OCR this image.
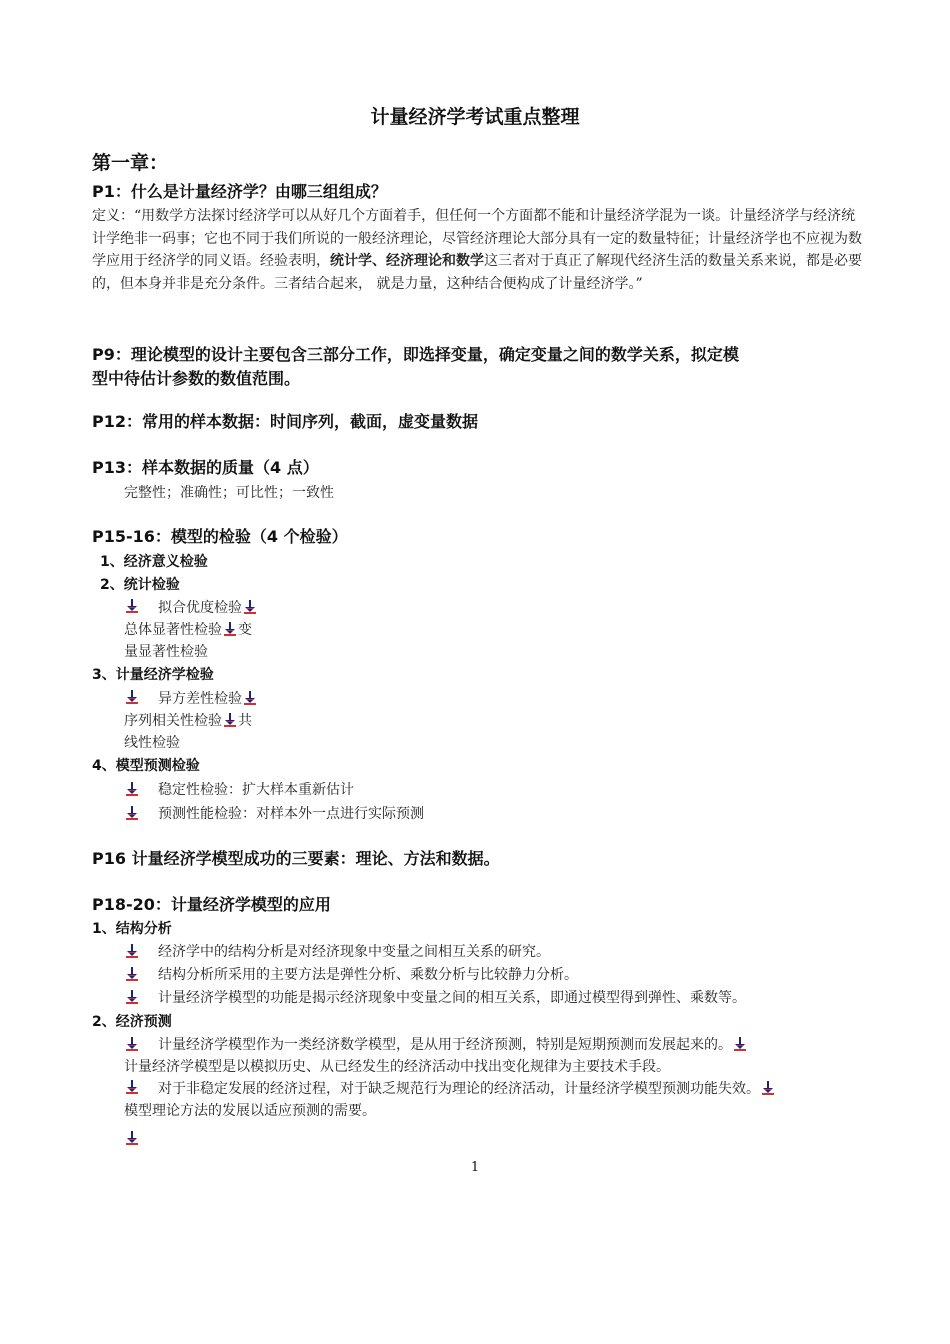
计量经济学考试重点整理
第一章：
P1：什么是计量经济学？由哪三组组成？
定义：“用数学方法探讨经济学可以从好几个方面着手，但任何一个方面都不能和计量经济学混为一谈。计量经济学与经济统计学绝非一码事；它也不同于我们所说的一般经济理论，尽管经济理论大部分具有一定的数量特征；计量经济学也不应视为数学应用于经济学的同义语。经验表明，统计学、经济理论和数学这三者对于真正了解现代经济生活的数量关系来说，都是必要的，但本身并非是充分条件。三者结合起来， 就是力量，这种结合便构成了计量经济学。”
P9：理论模型的设计主要包含三部分工作，即选择变量，确定变量之间的数学关系，拟定模
型中待估计参数的数值范围。
P12：常用的样本数据：时间序列，截面，虚变量数据
P13：样本数据的质量（4 点）
完整性；准确性；可比性；一致性
P15-16：模型的检验（4 个检验）
1、经济意义检验
2、统计检验
拟合优度检验
总体显著性检验 变
量显著性检验
3、计量经济学检验
异方差性检验
序列相关性检验 共
线性检验
4、模型预测检验
稳定性检验：扩大样本重新估计
预测性能检验：对样本外一点进行实际预测
P16 计量经济学模型成功的三要素：理论、方法和数据。
P18-20：计量经济学模型的应用
1、结构分析
经济学中的结构分析是对经济现象中变量之间相互关系的研究。
结构分析所采用的主要方法是弹性分析、乘数分析与比较静力分析。
计量经济学模型的功能是揭示经济现象中变量之间的相互关系，即通过模型得到弹性、乘数等。
2、经济预测
计量经济学模型作为一类经济数学模型，是从用于经济预测，特别是短期预测而发展起来的。
计量经济学模型是以模拟历史、从已经发生的经济活动中找出变化规律为主要技术手段。
对于非稳定发展的经济过程，对于缺乏规范行为理论的经济活动，计量经济学模型预测功能失效。
模型理论方法的发展以适应预测的需要。
1
